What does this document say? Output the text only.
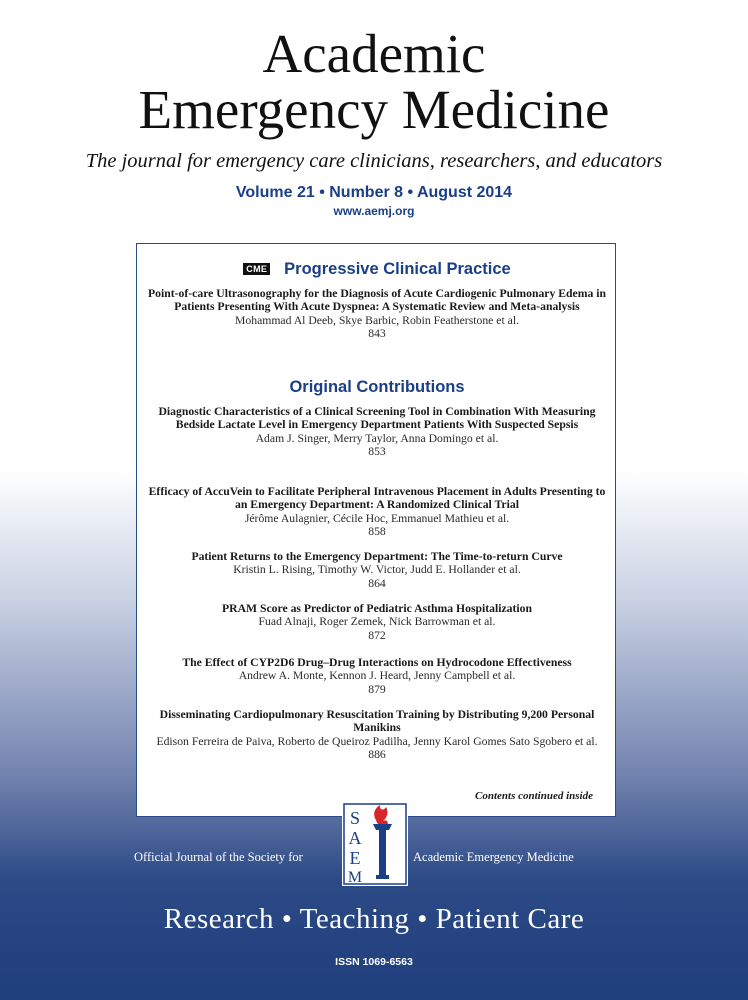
Academic
Emergency Medicine
The journal for emergency care clinicians, researchers, and educators
Volume 21 • Number 8 • August 2014
www.aemj.org
CME Progressive Clinical Practice
Point-of-care Ultrasonography for the Diagnosis of Acute Cardiogenic Pulmonary Edema in Patients Presenting With Acute Dyspnea: A Systematic Review and Meta-analysis
Mohammad Al Deeb, Skye Barbic, Robin Featherstone et al.
843
Original Contributions
Diagnostic Characteristics of a Clinical Screening Tool in Combination With Measuring Bedside Lactate Level in Emergency Department Patients With Suspected Sepsis
Adam J. Singer, Merry Taylor, Anna Domingo et al.
853
Efficacy of AccuVein to Facilitate Peripheral Intravenous Placement in Adults Presenting to an Emergency Department: A Randomized Clinical Trial
Jérôme Aulagnier, Cécile Hoc, Emmanuel Mathieu et al.
858
Patient Returns to the Emergency Department: The Time-to-return Curve
Kristin L. Rising, Timothy W. Victor, Judd E. Hollander et al.
864
PRAM Score as Predictor of Pediatric Asthma Hospitalization
Fuad Alnaji, Roger Zemek, Nick Barrowman et al.
872
The Effect of CYP2D6 Drug–Drug Interactions on Hydrocodone Effectiveness
Andrew A. Monte, Kennon J. Heard, Jenny Campbell et al.
879
Disseminating Cardiopulmonary Resuscitation Training by Distributing 9,200 Personal Manikins
Edison Ferreira de Paiva, Roberto de Queiroz Padilha, Jenny Karol Gomes Sato Sgobero et al.
886
Contents continued inside
Official Journal of the Society for
S
A
E
M
Academic Emergency Medicine
Research • Teaching • Patient Care
ISSN 1069-6563
